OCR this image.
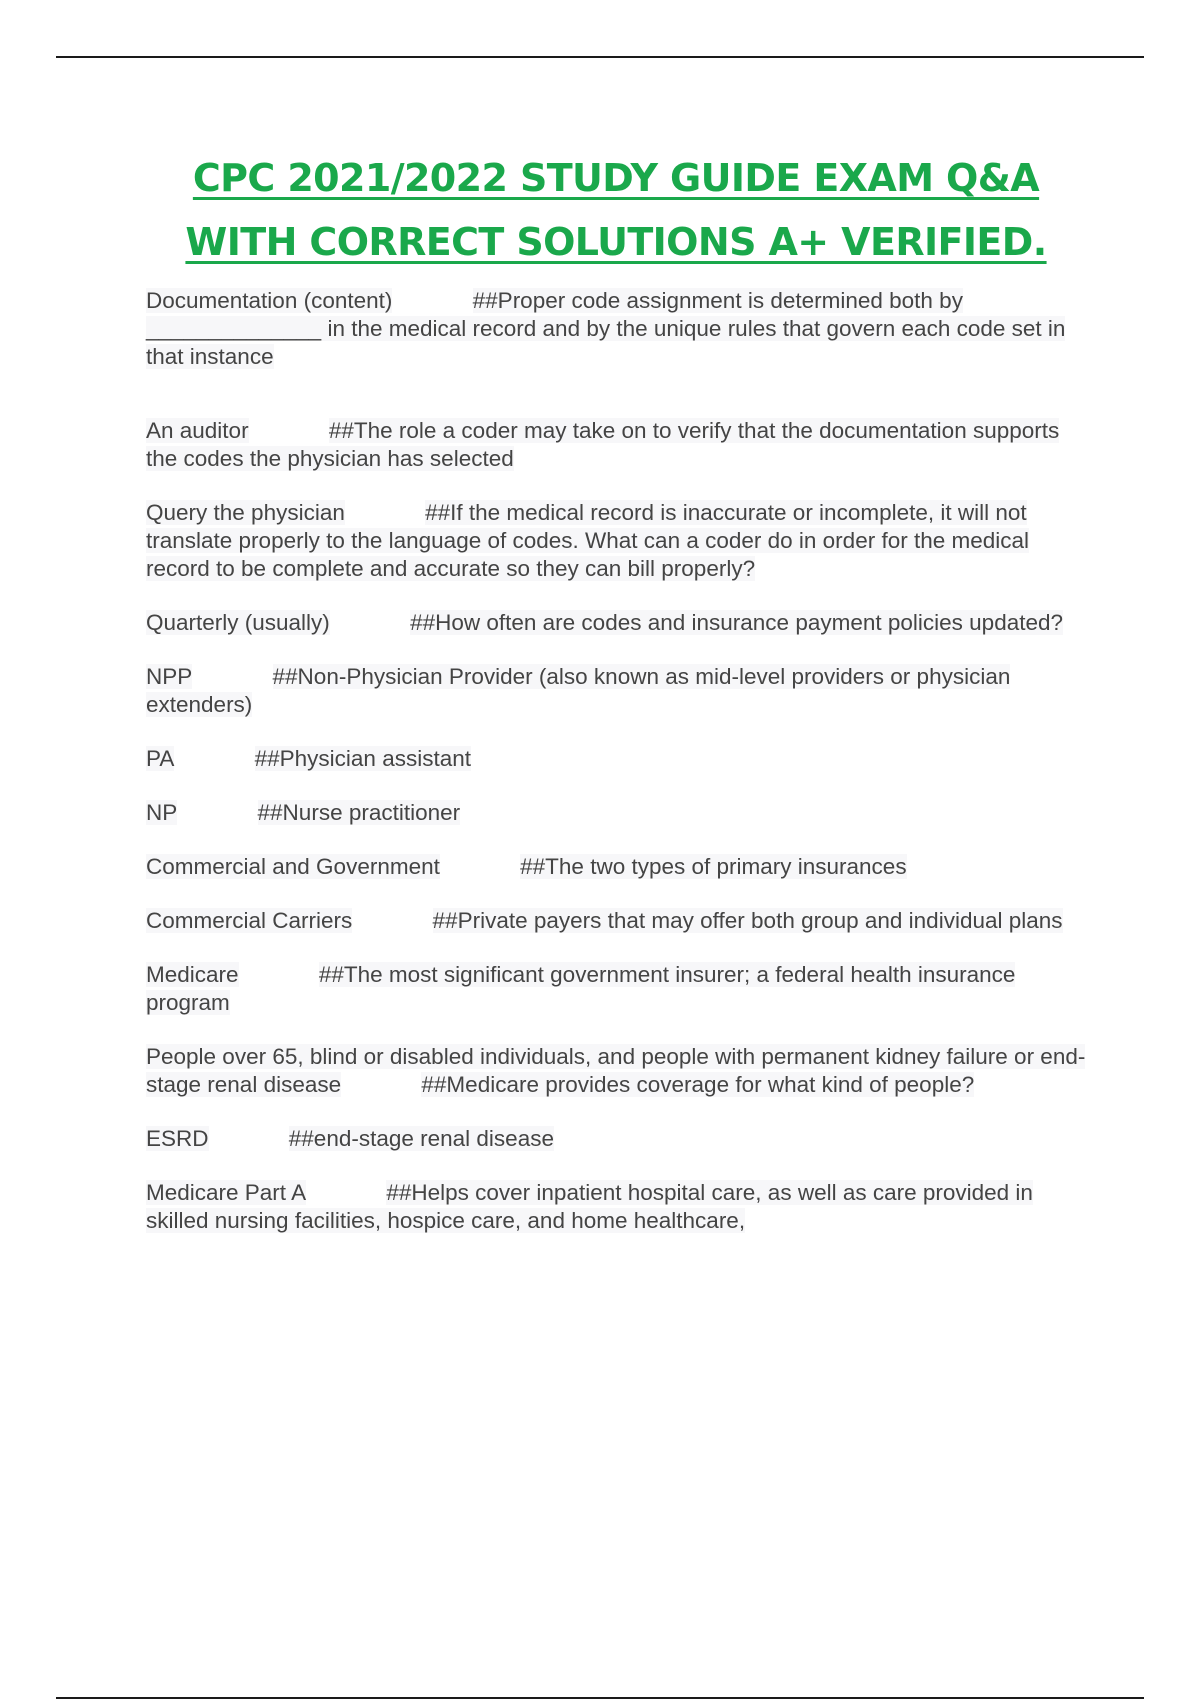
CPC 2021/2022 STUDY GUIDE EXAM Q&A
WITH CORRECT SOLUTIONS A+ VERIFIED.

Documentation (content)	##Proper code assignment is determined both by ______________ in the medical record and by the unique rules that govern each code set in that instance

An auditor	##The role a coder may take on to verify that the documentation supports the codes the physician has selected

Query the physician	##If the medical record is inaccurate or incomplete, it will not translate properly to the language of codes. What can a coder do in order for the medical record to be complete and accurate so they can bill properly?

Quarterly (usually)	##How often are codes and insurance payment policies updated?

NPP	##Non-Physician Provider (also known as mid-level providers or physician extenders)

PA	##Physician assistant

NP	##Nurse practitioner

Commercial and Government	##The two types of primary insurances

Commercial Carriers	##Private payers that may offer both group and individual plans

Medicare	##The most significant government insurer; a federal health insurance program

People over 65, blind or disabled individuals, and people with permanent kidney failure or end-stage renal disease	##Medicare provides coverage for what kind of people?

ESRD	##end-stage renal disease

Medicare Part A	##Helps cover inpatient hospital care, as well as care provided in skilled nursing facilities, hospice care, and home healthcare,
